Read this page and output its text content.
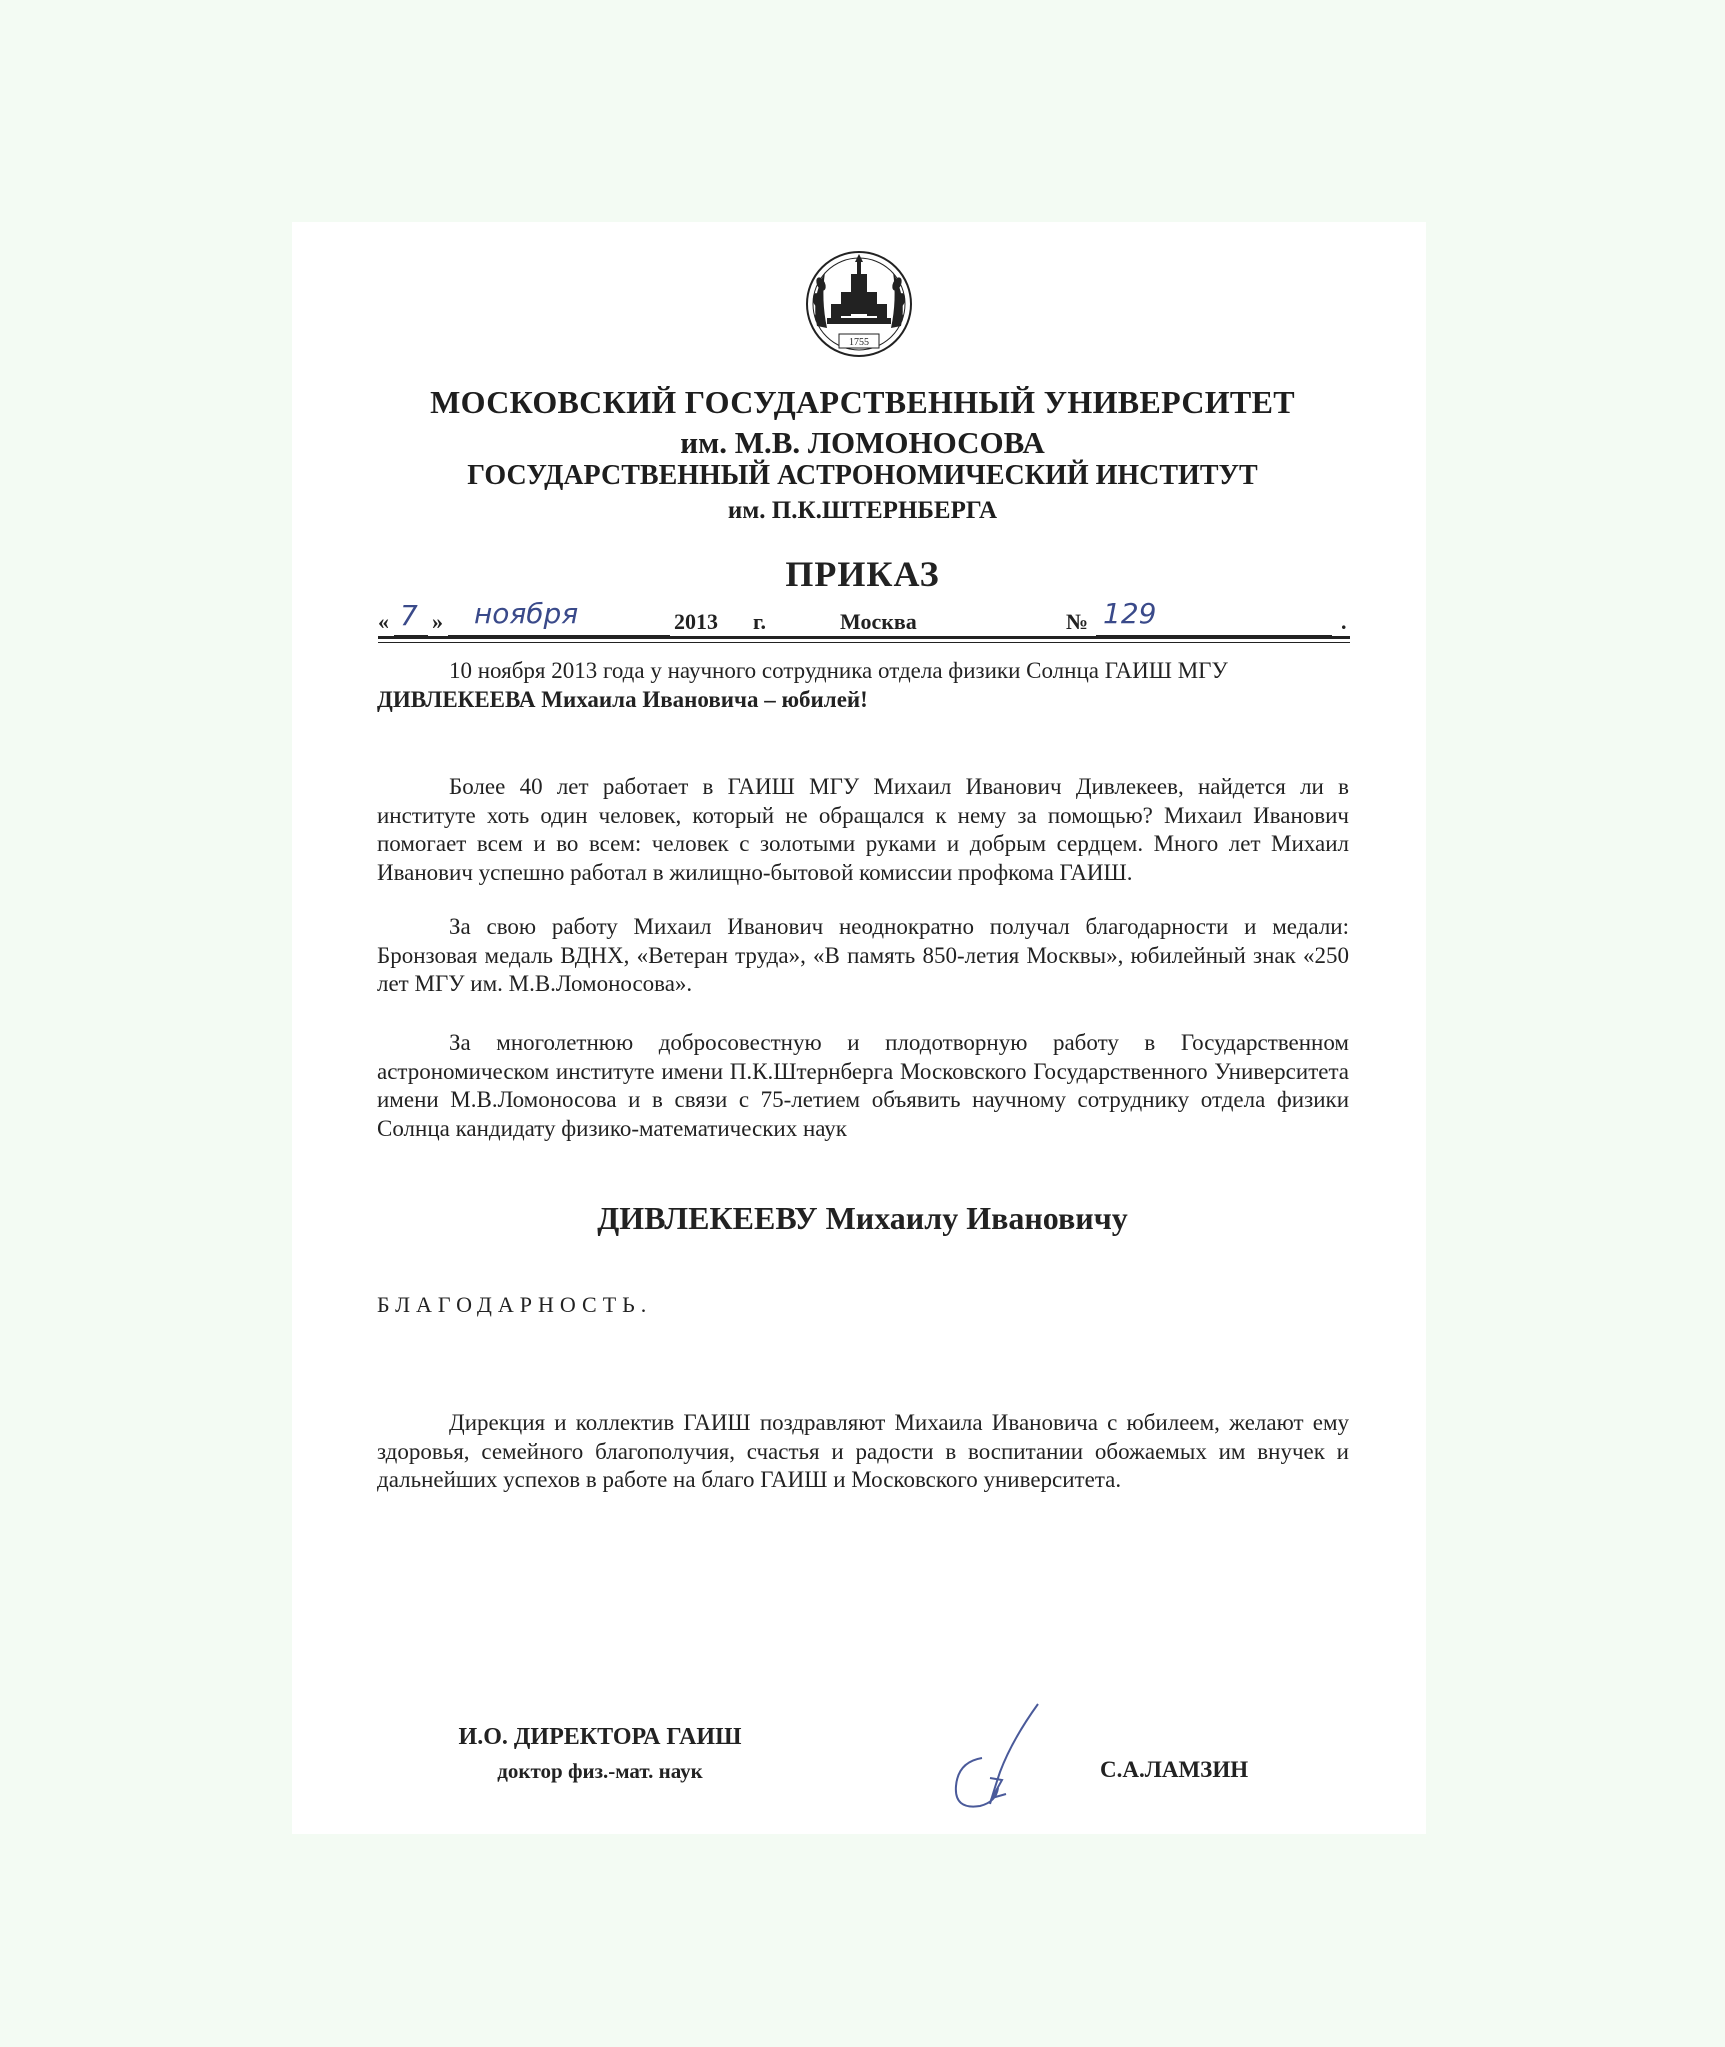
1755
МОСКОВСКИЙ ГОСУДАРСТВЕННЫЙ УНИВЕРСИТЕТ
им. М.В. ЛОМОНОСОВА
ГОСУДАРСТВЕННЫЙ АСТРОНОМИЧЕСКИЙ ИНСТИТУТ
им. П.К.ШТЕРНБЕРГА
ПРИКАЗ
« 7 » ноября	2013 г.	Москва	№ 129	.
10 ноября 2013 года у научного сотрудника отдела физики Солнца ГАИШ МГУ
ДИВЛЕКЕЕВА Михаила Ивановича – юбилей!
Более 40 лет работает в ГАИШ МГУ Михаил Иванович Дивлекеев, найдется ли в институте хоть один человек, который не обращался к нему за помощью? Михаил Иванович помогает всем и во всем: человек с золотыми руками и добрым сердцем. Много лет Михаил Иванович успешно работал в жилищно-бытовой комиссии профкома ГАИШ.
За свою работу Михаил Иванович неоднократно получал благодарности и медали: Бронзовая медаль ВДНХ, «Ветеран труда», «В память 850-летия Москвы», юбилейный знак «250 лет МГУ им. М.В.Ломоносова».
За многолетнюю добросовестную и плодотворную работу в Государственном астрономическом институте имени П.К.Штернберга Московского Государственного Университета имени М.В.Ломоносова и в связи с 75-летием объявить научному сотруднику отдела физики Солнца кандидату физико-математических наук
ДИВЛЕКЕЕВУ Михаилу Ивановичу
БЛАГОДАРНОСТЬ.
Дирекция и коллектив ГАИШ поздравляют Михаила Ивановича с юбилеем, желают ему здоровья, семейного благополучия, счастья и радости в воспитании обожаемых им внучек и дальнейших успехов в работе на благо ГАИШ и Московского университета.
И.О. ДИРЕКТОРА ГАИШ
доктор физ.-мат. наук	С.А.ЛАМЗИН
